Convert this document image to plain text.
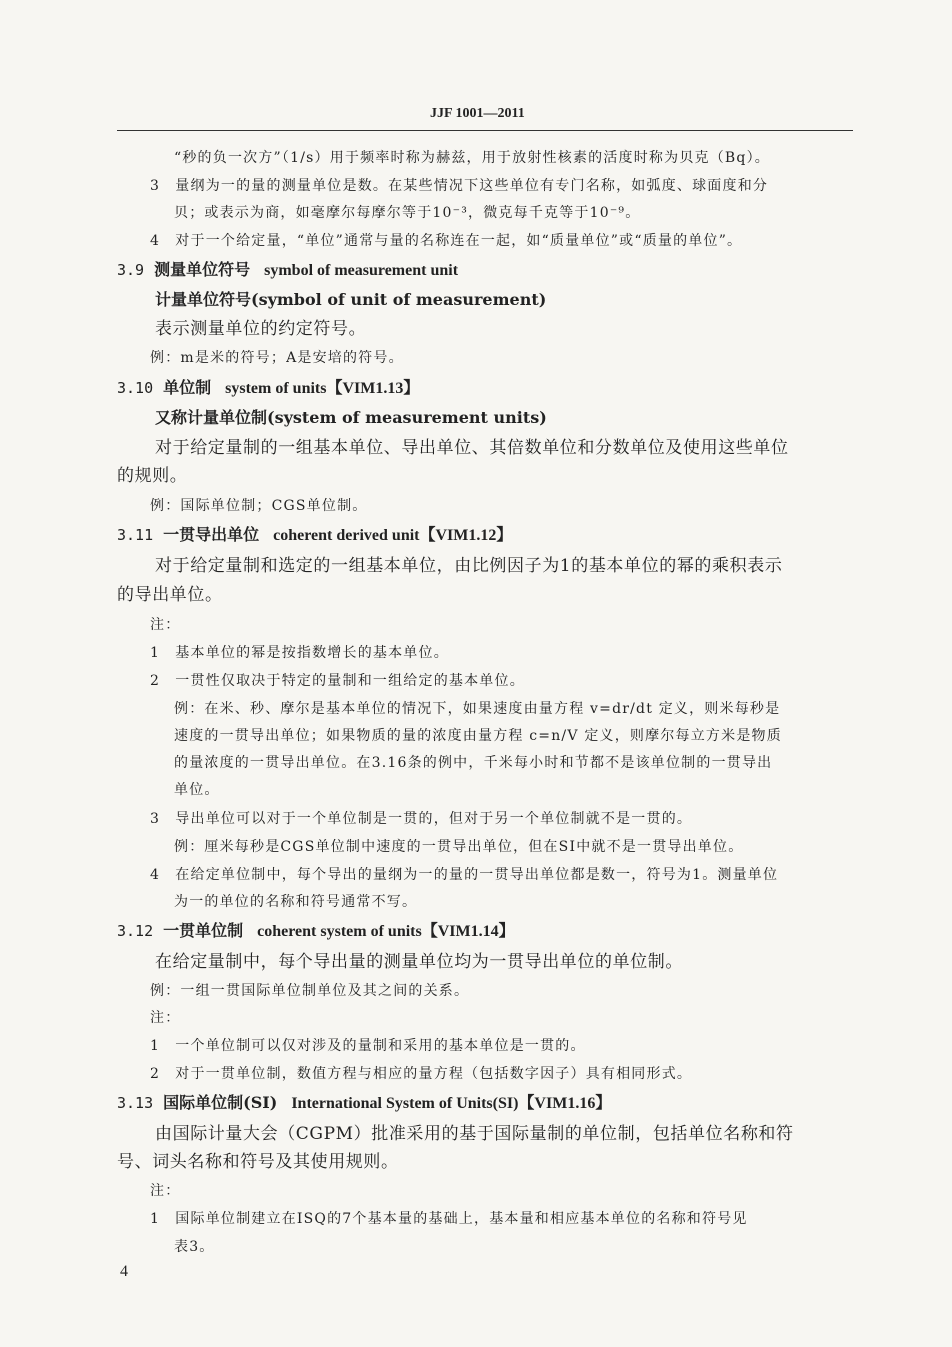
JJF 1001—2011
“秒的负一次方”（1/s）用于频率时称为赫兹，用于放射性核素的活度时称为贝克（Bq）。
3　量纲为一的量的测量单位是数。在某些情况下这些单位有专门名称，如弧度、球面度和分
贝；或表示为商，如毫摩尔每摩尔等于10⁻³，微克每千克等于10⁻⁹。
4　对于一个给定量，“单位”通常与量的名称连在一起，如“质量单位”或“质量的单位”。
3.9 测量单位符号 symbol of measurement unit
计量单位符号(symbol of unit of measurement)
表示测量单位的约定符号。
例：m是米的符号；A是安培的符号。
3.10 单位制 system of units【VIM1.13】
又称计量单位制(system of measurement units)
对于给定量制的一组基本单位、导出单位、其倍数单位和分数单位及使用这些单位
的规则。
例：国际单位制；CGS单位制。
3.11 一贯导出单位 coherent derived unit【VIM1.12】
对于给定量制和选定的一组基本单位，由比例因子为1的基本单位的幂的乘积表示
的导出单位。
注：
1　基本单位的幂是按指数增长的基本单位。
2　一贯性仅取决于特定的量制和一组给定的基本单位。
例：在米、秒、摩尔是基本单位的情况下，如果速度由量方程 v=dr/dt 定义，则米每秒是
速度的一贯导出单位；如果物质的量的浓度由量方程 c=n/V 定义，则摩尔每立方米是物质
的量浓度的一贯导出单位。在3.16条的例中，千米每小时和节都不是该单位制的一贯导出
单位。
3　导出单位可以对于一个单位制是一贯的，但对于另一个单位制就不是一贯的。
例：厘米每秒是CGS单位制中速度的一贯导出单位，但在SI中就不是一贯导出单位。
4　在给定单位制中，每个导出的量纲为一的量的一贯导出单位都是数一，符号为1。测量单位
为一的单位的名称和符号通常不写。
3.12 一贯单位制 coherent system of units【VIM1.14】
在给定量制中，每个导出量的测量单位均为一贯导出单位的单位制。
例：一组一贯国际单位制单位及其之间的关系。
注：
1　一个单位制可以仅对涉及的量制和采用的基本单位是一贯的。
2　对于一贯单位制，数值方程与相应的量方程（包括数字因子）具有相同形式。
3.13 国际单位制(SI) International System of Units(SI)【VIM1.16】
由国际计量大会（CGPM）批准采用的基于国际量制的单位制，包括单位名称和符
号、词头名称和符号及其使用规则。
注：
1　国际单位制建立在ISQ的7个基本量的基础上，基本量和相应基本单位的名称和符号见
表3。
4
